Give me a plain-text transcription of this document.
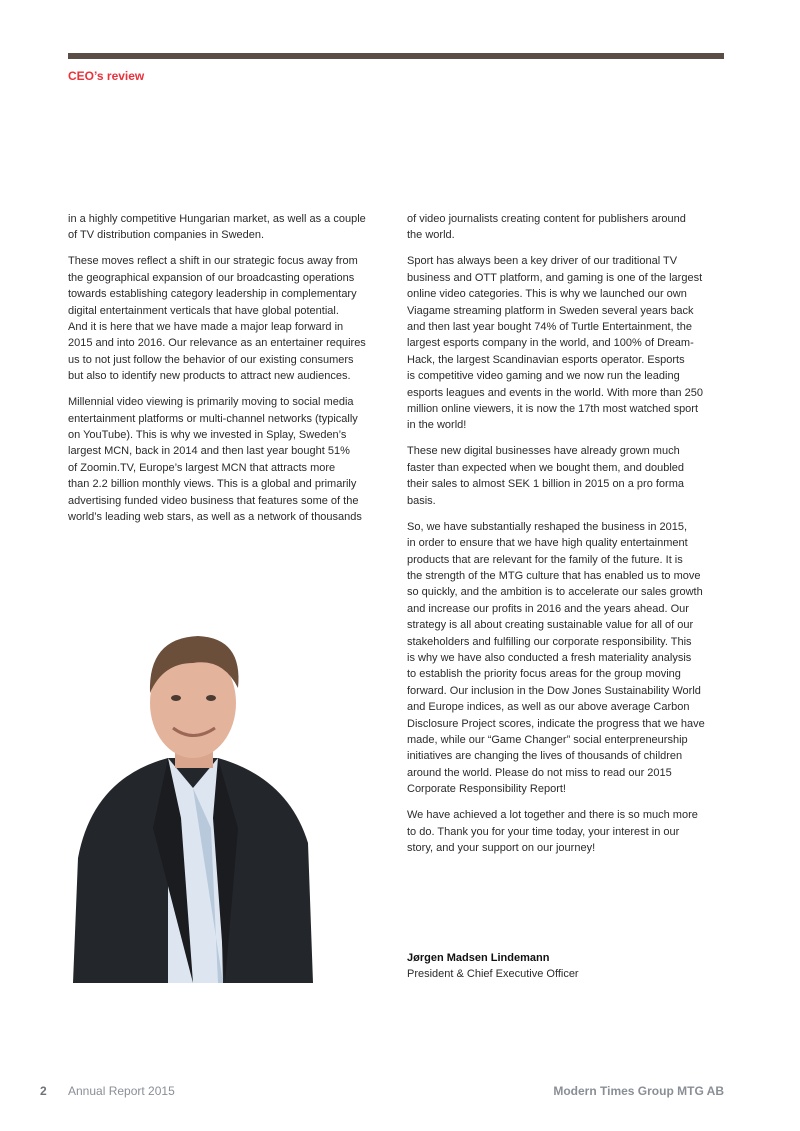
CEO’s review
in a highly competitive Hungarian market, as well as a couple
of TV distribution companies in Sweden.
These moves reflect a shift in our strategic focus away from
the geographical expansion of our broadcasting operations
towards establishing category leadership in complementary
digital entertainment verticals that have global potential.
And it is here that we have made a major leap forward in
2015 and into 2016. Our relevance as an entertainer requires
us to not just follow the behavior of our existing consumers
but also to identify new products to attract new audiences.
Millennial video viewing is primarily moving to social media
entertainment platforms or multi-channel networks (typically
on YouTube). This is why we invested in Splay, Sweden’s
largest MCN, back in 2014 and then last year bought 51%
of Zoomin.TV, Europe’s largest MCN that attracts more
than 2.2 billion monthly views. This is a global and primarily
advertising funded video business that features some of the
world’s leading web stars, as well as a network of thousands
of video journalists creating content for publishers around
the world.
Sport has always been a key driver of our traditional TV
business and OTT platform, and gaming is one of the largest
online video categories. This is why we launched our own
Viagame streaming platform in Sweden several years back
and then last year bought 74% of Turtle Entertainment, the
largest esports company in the world, and 100% of Dream-
Hack, the largest Scandinavian esports operator. Esports
is competitive video gaming and we now run the leading
esports leagues and events in the world. With more than 250
million online viewers, it is now the 17th most watched sport
in the world!
These new digital businesses have already grown much
faster than expected when we bought them, and doubled
their sales to almost SEK 1 billion in 2015 on a pro forma
basis.
So, we have substantially reshaped the business in 2015,
in order to ensure that we have high quality entertainment
products that are relevant for the family of the future. It is
the strength of the MTG culture that has enabled us to move
so quickly, and the ambition is to accelerate our sales growth
and increase our profits in 2016 and the years ahead. Our
strategy is all about creating sustainable value for all of our
stakeholders and fulfilling our corporate responsibility. This
is why we have also conducted a fresh materiality analysis
to establish the priority focus areas for the group moving
forward. Our inclusion in the Dow Jones Sustainability World
and Europe indices, as well as our above average Carbon
Disclosure Project scores, indicate the progress that we have
made, while our “Game Changer” social enterpreneurship
initiatives are changing the lives of thousands of children
around the world. Please do not miss to read our 2015
Corporate Responsibility Report!
We have achieved a lot together and there is so much more
to do. Thank you for your time today, your interest in our
story, and your support on our journey!
Jørgen Madsen Lindemann
President & Chief Executive Officer
2 Annual Report 2015	Modern Times Group MTG AB
